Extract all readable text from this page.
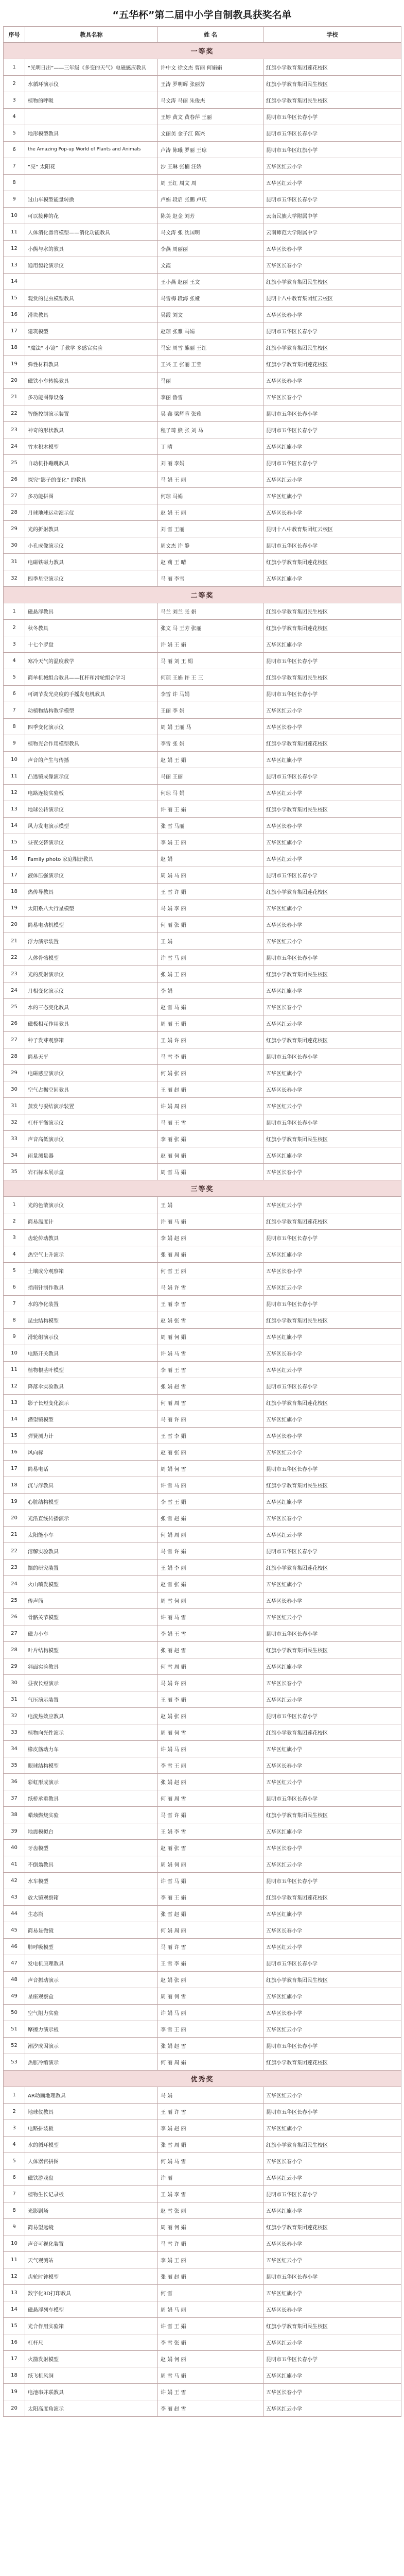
“五华杯”第二届中小学自制教具获奖名单
序号	教具名称	姓 名	学校
一等奖			
1	“光明日出”——三年级《多变的天气》电磁感应教具	许中文 徐文杰 曹丽 何娟娟	红旗小学教育集团莲花校区
2	水循环演示仪	王涛 罗明辉 张丽芳	红旗小学教育集团民生校区
3	植物的呼吸	马文涛 马丽 朱俊杰	红旗小学教育集团民生校区
4		王婷 黄文 黄春萍 王丽	昆明市五华区长春小学
5	地形模型教具	文丽美 金子江 陈兴	昆明市五华区长春小学
6	the Amazing Pop-up World of Plants and Animals	卢涛 陈曦 罗丽 王琼	昆明市五华区红旗小学
7	“亮” 太阳花	沙 王琳 张楠 汪娇	五华区红云小学
8		周 王红 周文 周	五华区红云小学
9	过山车模型能量转换	卢娟 段启 张鹏 卢庆	昆明市五华区长春小学
10	可以接种的花	陈美 赵金 刘芳	云南民族大学附属中学
11	人体消化器官模型——消化功能教具	马文涛 张 沈国明	云南师范大学附属中学
12	小熊与水的教具	李燕 周丽丽	五华区长春小学
13	通用齿轮演示仪	文霞	五华区长春小学
14		王小燕 赵丽 王文	红旗小学教育集团民生校区
15	观赏的昆虫模型教具	马雪梅 段海 张娅	昆明十八中教育集团红云校区
16	滑块教具	吴霞 刘文	五华区长春小学
17	建筑模型	赵琼 张雅 马娟	昆明市五华区长春小学
18	“魔法” 小镜” 手教学 多感官实验	马宏 周雪 熊丽 王红	红旗小学教育集团民生校区
19	弹性材料教具	王兴 王 张丽 王莹	红旗小学教育集团莲花校区
20	磁铁小车转换教具	马丽	五华区长春小学
21	多功能图像设备	李丽 鲁雪	五华区长春小学
22	智能控制演示装置	吴 鑫 梁辉蓉 张雅	昆明市五华区长春小学
23	神奇的形状教具	程子琦 熊 张 刘 马	昆明市五华区长春小学
24	竹木积木模型	丁 晴	五华区红旗小学
25	自动机扑蹦跳教具	刘 丽 李娟	昆明市五华区长春小学
26	探究“影子的变化” 的教具	马 娟 王 丽	五华区红云小学
27	多功能拼图	何琼 马娟	五华区红旗小学
28	月球地球运动演示仪	赵 娟 王 丽	五华区长春小学
29	光的折射教具	刘 雪 王丽	昆明十八中教育集团红云校区
30	小孔成像演示仪	周文杰 许 静	昆明市五华区长春小学
31	电磁铁磁力教具	赵 莉 王 晴	红旗小学教育集团莲花校区
32	四季星空演示仪	马 丽 李雪	五华区红旗小学
二等奖			
1	磁悬浮教具	马兰 刘兰 张 娟	红旗小学教育集团民生校区
2	秋冬教具	张文 马 王芳 张丽	红旗小学教育集团莲花校区
3	十七个罗盘	许 娟 王 娟	五华区红旗小学
4	寒冷天气的温度教学	马 丽 刘 王 娟	昆明市五华区长春小学
5	简单机械组合教具——杠杆和滑轮组合学习	何琼 王娟 许 王 三	红旗小学教育集团民生校区
6	可调节发光亮度的手摇发电机教具	李雪 许 马娟	昆明市五华区长春小学
7	动植物结构教学模型	王丽 李 娟	五华区红云小学
8	四季变化演示仪	周 娟 王丽 马	五华区长春小学
9	植物光合作用模型教具	李雪 张 娟	红旗小学教育集团莲花校区
10	声音的产生与传播	赵 娟 王 娟	五华区红旗小学
11	凸透镜成像演示仪	马丽 王丽	昆明市五华区长春小学
12	电路连接实验板	何琼 马 娟	五华区红云小学
13	地球公转演示仪	许 丽 王 娟	红旗小学教育集团民生校区
14	风力发电演示模型	张 雪 马丽	五华区长春小学
15	昼夜交替演示仪	李 娟 王 丽	五华区红旗小学
16	Family photo 家庭相册教具	赵 娟	五华区红云小学
17	液体压强演示仪	周 娟 马 丽	昆明市五华区长春小学
18	热传导教具	王 雪 许 娟	红旗小学教育集团莲花校区
19	太阳系八大行星模型	马 娟 李 丽	五华区红旗小学
20	简易电动机模型	何 丽 张 娟	五华区长春小学
21	浮力演示装置	王 娟	五华区红云小学
22	人体骨骼模型	许 雪 马 丽	昆明市五华区长春小学
23	光的反射演示仪	张 娟 王 丽	红旗小学教育集团民生校区
24	月相变化演示仪	李 娟	五华区红旗小学
25	水的三态变化教具	赵 雪 马 娟	五华区长春小学
26	磁极相互作用教具	周 丽 王 娟	五华区红云小学
27	种子发芽观察箱	王 娟 许 丽	红旗小学教育集团莲花校区
28	简易天平	马 雪 李 娟	昆明市五华区长春小学
29	电磁感应演示仪	何 娟 张 丽	五华区红旗小学
30	空气占据空间教具	王 丽 赵 娟	五华区长春小学
31	蒸发与凝结演示装置	许 娟 周 丽	五华区红云小学
32	杠杆平衡演示仪	马 丽 王 雪	昆明市五华区长春小学
33	声音高低演示仪	李 丽 张 娟	红旗小学教育集团民生校区
34	雨量测量器	赵 丽 何 娟	五华区红旗小学
35	岩石标本展示盒	周 雪 马 娟	五华区长春小学
三等奖			
1	光的色散演示仪	王 娟	五华区红云小学
2	简易温度计	许 丽 马 娟	红旗小学教育集团莲花校区
3	齿轮传动教具	李 娟 赵 丽	昆明市五华区长春小学
4	热空气上升演示	张 丽 周 娟	五华区红旗小学
5	土壤成分观察箱	何 雪 王 丽	五华区长春小学
6	指南针制作教具	马 娟 许 雪	五华区红云小学
7	水的净化装置	王 丽 李 雪	昆明市五华区长春小学
8	昆虫结构模型	赵 娟 张 雪	红旗小学教育集团民生校区
9	滑轮组演示仪	周 丽 何 娟	五华区红旗小学
10	电路开关教具	许 娟 马 雪	五华区长春小学
11	植物根茎叶模型	李 丽 王 雪	五华区红云小学
12	降落伞实验教具	张 娟 赵 雪	昆明市五华区长春小学
13	影子长短变化演示	何 丽 周 雪	红旗小学教育集团莲花校区
14	潜望镜模型	马 丽 许 丽	五华区红旗小学
15	弹簧测力计	王 雪 李 娟	五华区长春小学
16	风向标	赵 丽 张 丽	五华区红云小学
17	简易电话	周 娟 何 雪	昆明市五华区长春小学
18	沉与浮教具	许 雪 马 丽	红旗小学教育集团民生校区
19	心脏结构模型	李 雪 王 娟	五华区红旗小学
20	光沿直线传播演示	张 雪 赵 娟	五华区长春小学
21	太阳能小车	何 娟 周 丽	五华区红云小学
22	溶解实验教具	马 雪 许 娟	昆明市五华区长春小学
23	摆的研究装置	王 娟 李 丽	红旗小学教育集团莲花校区
24	火山喷发模型	赵 雪 张 娟	五华区红旗小学
25	传声筒	周 雪 何 丽	五华区长春小学
26	骨骼关节模型	许 丽 马 雪	五华区红云小学
27	磁力小车	李 娟 王 雪	昆明市五华区长春小学
28	叶片结构模型	张 丽 赵 雪	红旗小学教育集团民生校区
29	斜面实验教具	何 雪 周 娟	五华区红旗小学
30	昼夜长短演示	马 娟 许 丽	五华区长春小学
31	气压演示装置	王 丽 李 娟	五华区红云小学
32	电流热效应教具	赵 娟 张 丽	昆明市五华区长春小学
33	植物向光性演示	周 丽 何 雪	红旗小学教育集团莲花校区
34	橡皮筋动力车	许 娟 马 丽	五华区红旗小学
35	眼球结构模型	李 雪 王 丽	五华区长春小学
36	彩虹形成演示	张 娟 赵 丽	五华区红云小学
37	纸桥承重教具	何 丽 周 雪	昆明市五华区长春小学
38	蜡烛燃烧实验	马 雪 许 娟	红旗小学教育集团民生校区
39	地震模拟台	王 娟 李 雪	五华区红旗小学
40	牙齿模型	赵 丽 张 雪	五华区长春小学
41	不倒翁教具	周 娟 何 丽	五华区红云小学
42	水车模型	许 雪 马 娟	昆明市五华区长春小学
43	放大镜观察箱	李 丽 王 娟	红旗小学教育集团莲花校区
44	生态瓶	张 雪 赵 娟	五华区红旗小学
45	简易显微镜	何 娟 周 丽	五华区长春小学
46	肺呼吸模型	马 丽 许 雪	五华区红云小学
47	发电机原理教具	王 雪 李 娟	昆明市五华区长春小学
48	声音振动演示	赵 娟 张 丽	红旗小学教育集团民生校区
49	星座观察盒	周 丽 何 雪	五华区红旗小学
50	空气阻力实验	许 娟 马 丽	五华区长春小学
51	摩擦力演示板	李 雪 王 丽	五华区红云小学
52	潮汐成因演示	张 娟 赵 雪	昆明市五华区长春小学
53	热胀冷缩演示	何 丽 周 娟	红旗小学教育集团莲花校区
优秀奖			
1	AR动画地理教具	马 娟	五华区红云小学
2	地球仪教具	王 丽 许 雪	昆明市五华区长春小学
3	电路拼装板	李 娟 赵 丽	五华区红旗小学
4	水的循环模型	张 雪 周 娟	红旗小学教育集团民生校区
5	人体器官拼图	何 娟 马 雪	五华区长春小学
6	磁铁游戏盘	许 丽	五华区红云小学
7	植物生长记录板	王 娟 李 雪	昆明市五华区长春小学
8	光影剧场	赵 雪 张 丽	五华区红旗小学
9	简易望远镜	周 丽 何 娟	红旗小学教育集团莲花校区
10	声音可视化装置	马 雪 许 娟	五华区长春小学
11	天气观测站	李 娟 王 丽	五华区红云小学
12	齿轮时钟模型	张 丽 赵 娟	昆明市五华区长春小学
13	数字化3D打印教具	何 雪	五华区红旗小学
14	磁悬浮列车模型	周 娟 马 丽	五华区长春小学
15	光合作用实验箱	许 雪 王 娟	红旗小学教育集团民生校区
16	杠杆尺	李 雪 张 娟	五华区红云小学
17	火箭发射模型	赵 娟 何 丽	昆明市五华区长春小学
18	纸飞机风洞	周 雪 马 娟	五华区红旗小学
19	电池串并联教具	许 娟 王 雪	五华区长春小学
20	太阳高度角演示	李 丽 赵 雪	五华区红云小学
